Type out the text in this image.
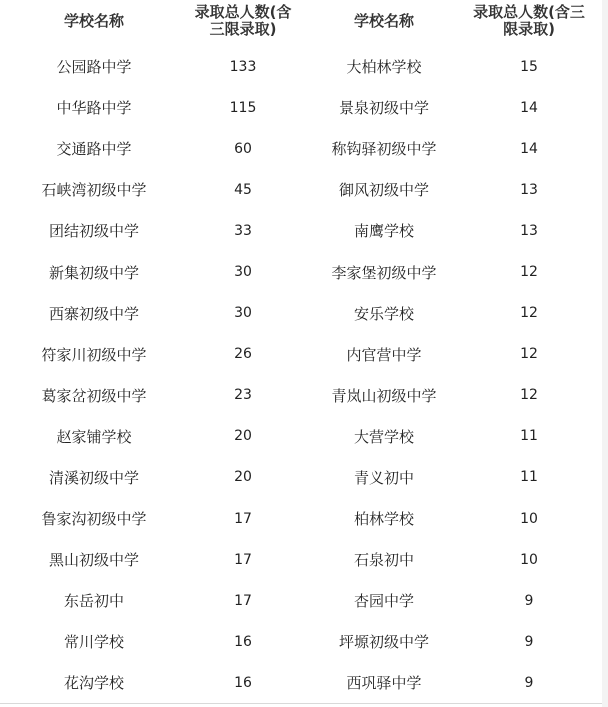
学校名称	录取总人数(含三限录取)	学校名称	录取总人数(含三限录取)
公园路中学	133	大柏林学校	15
中华路中学	115	景泉初级中学	14
交通路中学	60	称钩驿初级中学	14
石峡湾初级中学	45	御风初级中学	13
团结初级中学	33	南鹰学校	13
新集初级中学	30	李家堡初级中学	12
西寨初级中学	30	安乐学校	12
符家川初级中学	26	内官营中学	12
葛家岔初级中学	23	青岚山初级中学	12
赵家铺学校	20	大营学校	11
清溪初级中学	20	青义初中	11
鲁家沟初级中学	17	柏林学校	10
黑山初级中学	17	石泉初中	10
东岳初中	17	杏园中学	9
常川学校	16	坪塬初级中学	9
花沟学校	16	西巩驿中学	9
